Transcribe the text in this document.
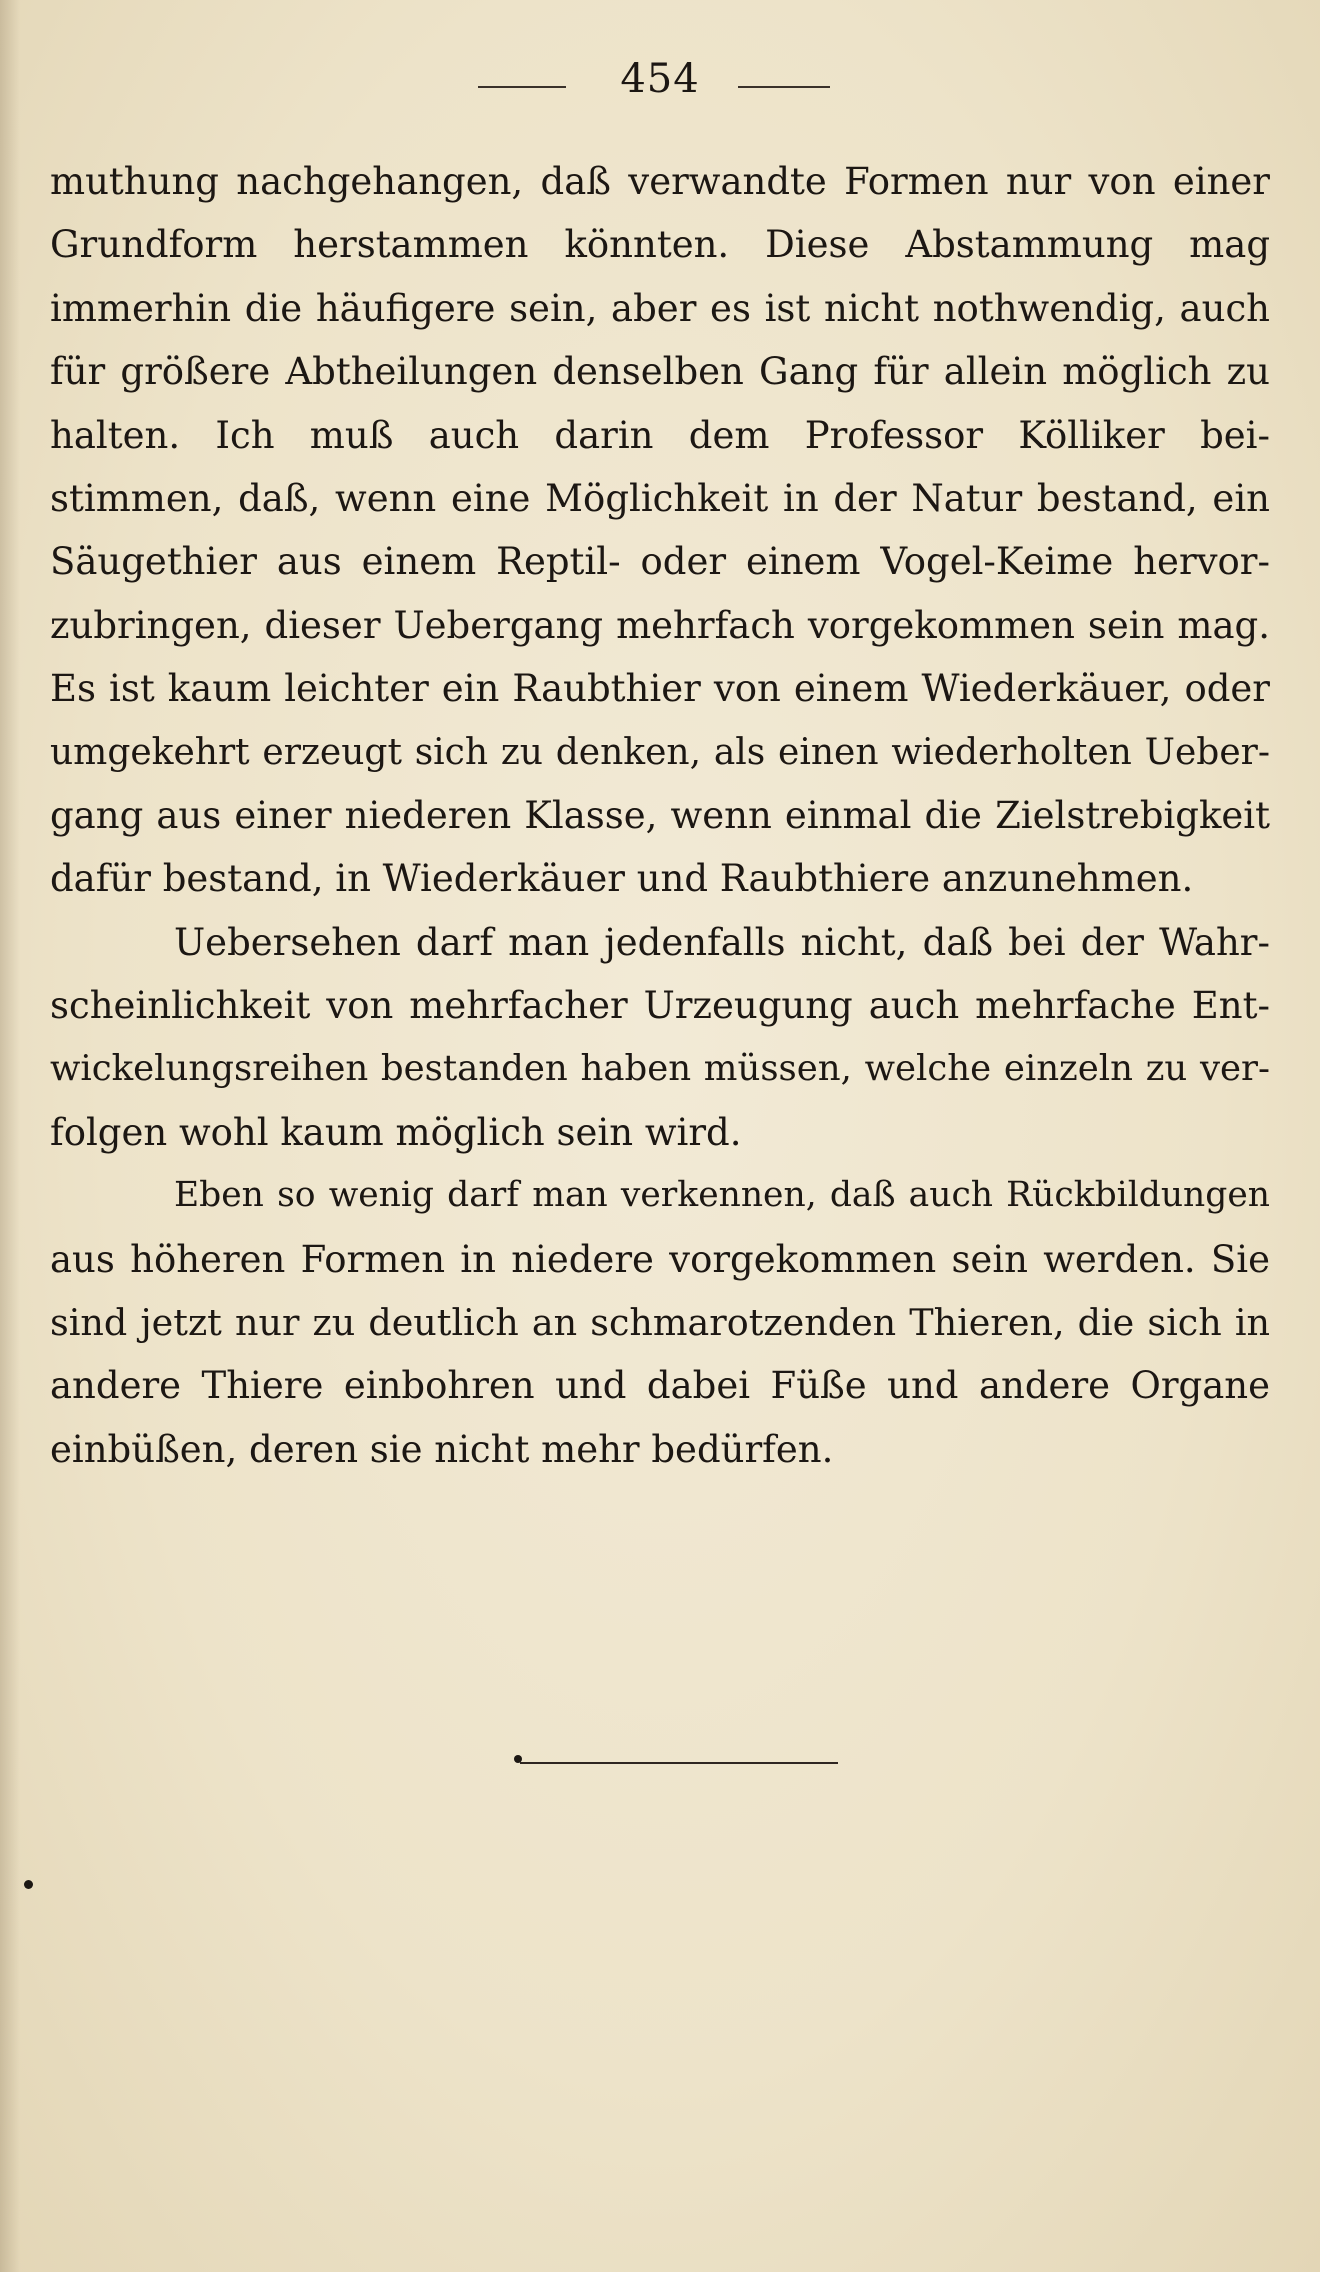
454
muthung nachgehangen, daß verwandte Formen nur von einer
Grundform herstammen könnten. Diese Abstammung mag
immerhin die häufigere sein, aber es ist nicht nothwendig, auch
für größere Abtheilungen denselben Gang für allein möglich zu
halten. Ich muß auch darin dem Professor Kölliker bei-
stimmen, daß, wenn eine Möglichkeit in der Natur bestand, ein
Säugethier aus einem Reptil- oder einem Vogel-Keime hervor-
zubringen, dieser Uebergang mehrfach vorgekommen sein mag.
Es ist kaum leichter ein Raubthier von einem Wiederkäuer, oder
umgekehrt erzeugt sich zu denken, als einen wiederholten Ueber-
gang aus einer niederen Klasse, wenn einmal die Zielstrebigkeit
dafür bestand, in Wiederkäuer und Raubthiere anzunehmen.
Uebersehen darf man jedenfalls nicht, daß bei der Wahr-
scheinlichkeit von mehrfacher Urzeugung auch mehrfache Ent-
wickelungsreihen bestanden haben müssen, welche einzeln zu ver-
folgen wohl kaum möglich sein wird.
Eben so wenig darf man verkennen, daß auch Rückbildungen
aus höheren Formen in niedere vorgekommen sein werden. Sie
sind jetzt nur zu deutlich an schmarotzenden Thieren, die sich in
andere Thiere einbohren und dabei Füße und andere Organe
einbüßen, deren sie nicht mehr bedürfen.
